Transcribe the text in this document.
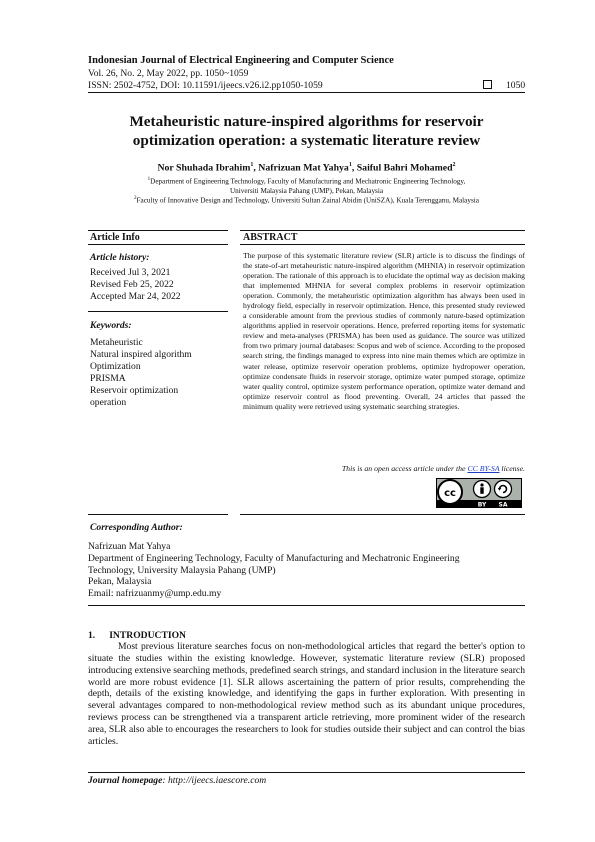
Indonesian Journal of Electrical Engineering and Computer Science
Vol. 26, No. 2, May 2022, pp. 1050~1059
ISSN: 2502-4752, DOI: 10.11591/ijeecs.v26.i2.pp1050-1059	1050
Metaheuristic nature-inspired algorithms for reservoir
optimization operation: a systematic literature review
Nor Shuhada Ibrahim$^1$, Nafrizuan Mat Yahya$^1$, Saiful Bahri Mohamed$^2$
$^1$Department of Engineering Technology, Faculty of Manufacturing and Mechatronic Engineering Technology,
Universiti Malaysia Pahang (UMP), Pekan, Malaysia
$^2$Faculty of Innovative Design and Technology, Universiti Sultan Zainal Abidin (UniSZA), Kuala Terengganu, Malaysia
Article Info	ABSTRACT
Article history:
Received Jul 3, 2021
Revised Feb 25, 2022
Accepted Mar 24, 2022
Keywords:
Metaheuristic
Natural inspired algorithm
Optimization
PRISMA
Reservoir optimization
operation
The purpose of this systematic literature review (SLR) article is to discuss the findings of the state-of-art metaheuristic nature-inspired algorithm (MHNIA) in reservoir optimization operation. The rationale of this approach is to elucidate the optimal way as decision making that implemented MHNIA for several complex problems in reservoir optimization operation. Commonly, the metaheuristic optimization algorithm has always been used in hydrology field, especially in reservoir optimization. Hence, this presented study reviewed a considerable amount from the previous studies of commonly nature-based optimization algorithms applied in reservoir operations. Hence, preferred reporting items for systematic review and meta-analyses (PRISMA) has been used as guidance. The source was utilized from two primary journal databases: Scopus and web of science. According to the proposed search string, the findings managed to express into nine main themes which are optimize in water release, optimize reservoir operation problems, optimize hydropower operation, optimize condensate fluids in reservoir storage, optimize water pumped storage, optimize water quality control, optimize system performance operation, optimize water demand and optimize reservoir control as flood preventing. Overall, 24 articles that passed the minimum quality were retrieved using systematic searching strategies.
This is an open access article under the CC BY-SA license.
cc
BY SA
Corresponding Author:
Nafrizuan Mat Yahya
Department of Engineering Technology, Faculty of Manufacturing and Mechatronic Engineering
Technology, University Malaysia Pahang (UMP)
Pekan, Malaysia
Email: nafrizuanmy@ump.edu.my
1. INTRODUCTION
Most previous literature searches focus on non-methodological articles that regard the better's option to situate the studies within the existing knowledge. However, systematic literature review (SLR) proposed introducing extensive searching methods, predefined search strings, and standard inclusion in the literature search world are more robust evidence [1]. SLR allows ascertaining the pattern of prior results, comprehending the depth, details of the existing knowledge, and identifying the gaps in further exploration. With presenting in several advantages compared to non-methodological review method such as its abundant unique procedures, reviews process can be strengthened via a transparent article retrieving, more prominent wider of the research area, SLR also able to encourages the researchers to look for studies outside their subject and can control the bias articles.
Journal homepage: http://ijeecs.iaescore.com
